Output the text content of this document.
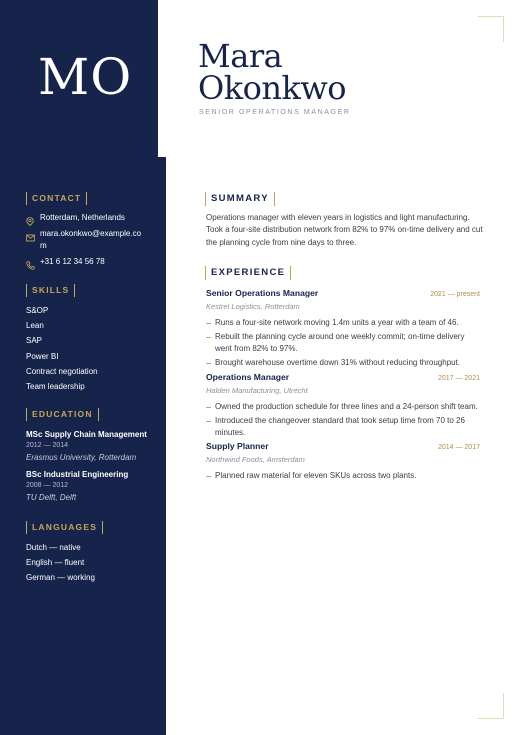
MO Mara
Okonkwo
SENIOR OPERATIONS MANAGER
CONTACT
Rotterdam, Netherlands
mara.okonkwo@example.com
+31 6 12 34 56 78
SKILLS
S&OP
Lean
SAP
Power BI
Contract negotiation
Team leadership
EDUCATION
MSc Supply Chain Management
2012 — 2014
Erasmus University, Rotterdam
BSc Industrial Engineering
2008 — 2012
TU Delft, Delft
LANGUAGES
Dutch — native
English — fluent
German — working
SUMMARY

Operations manager with eleven years in logistics and light manufacturing. Took a four-site distribution network from 82% to 97% on-time delivery and cut the planning cycle from nine days to three.

EXPERIENCE
Senior Operations Manager	2021 — present
Kestrel Logistics, Rotterdam
Runs a four-site network moving 1.4m units a year with a team of 46.
Rebuilt the planning cycle around one weekly commit; on-time delivery went from 82% to 97%.
Brought warehouse overtime down 31% without reducing throughput.
Operations Manager	2017 — 2021
Halden Manufacturing, Utrecht
Owned the production schedule for three lines and a 24-person shift team.
Introduced the changeover standard that took setup time from 70 to 26 minutes.
Supply Planner	2014 — 2017
Northwind Foods, Amsterdam
Planned raw material for eleven SKUs across two plants.
